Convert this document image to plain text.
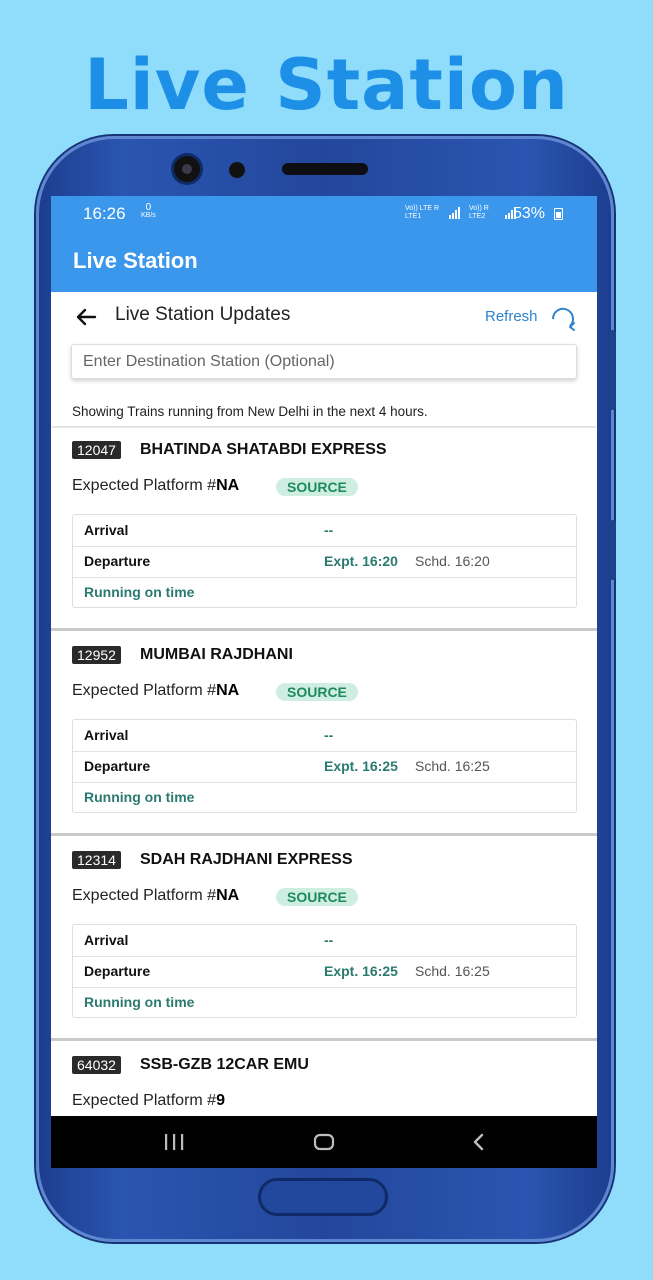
Live Station
16:26	0
KB/s
Vo)) LTE R
LTE1
Vo)) R
LTE2 53%
Live Station
Live Station Updates	Refresh
Enter Destination Station (Optional)
Showing Trains running from New Delhi in the next 4 hours.
12047	BHATINDA SHATABDI EXPRESS
Expected Platform #NA	SOURCE
Arrival	--
Departure	Expt. 16:20 Schd. 16:20
Running on time
12952	MUMBAI RAJDHANI
Expected Platform #NA	SOURCE
Arrival	--
Departure	Expt. 16:25 Schd. 16:25
Running on time
12314	SDAH RAJDHANI EXPRESS
Expected Platform #NA	SOURCE
Arrival	--
Departure	Expt. 16:25 Schd. 16:25
Running on time
64032	SSB-GZB 12CAR EMU
Expected Platform #9
